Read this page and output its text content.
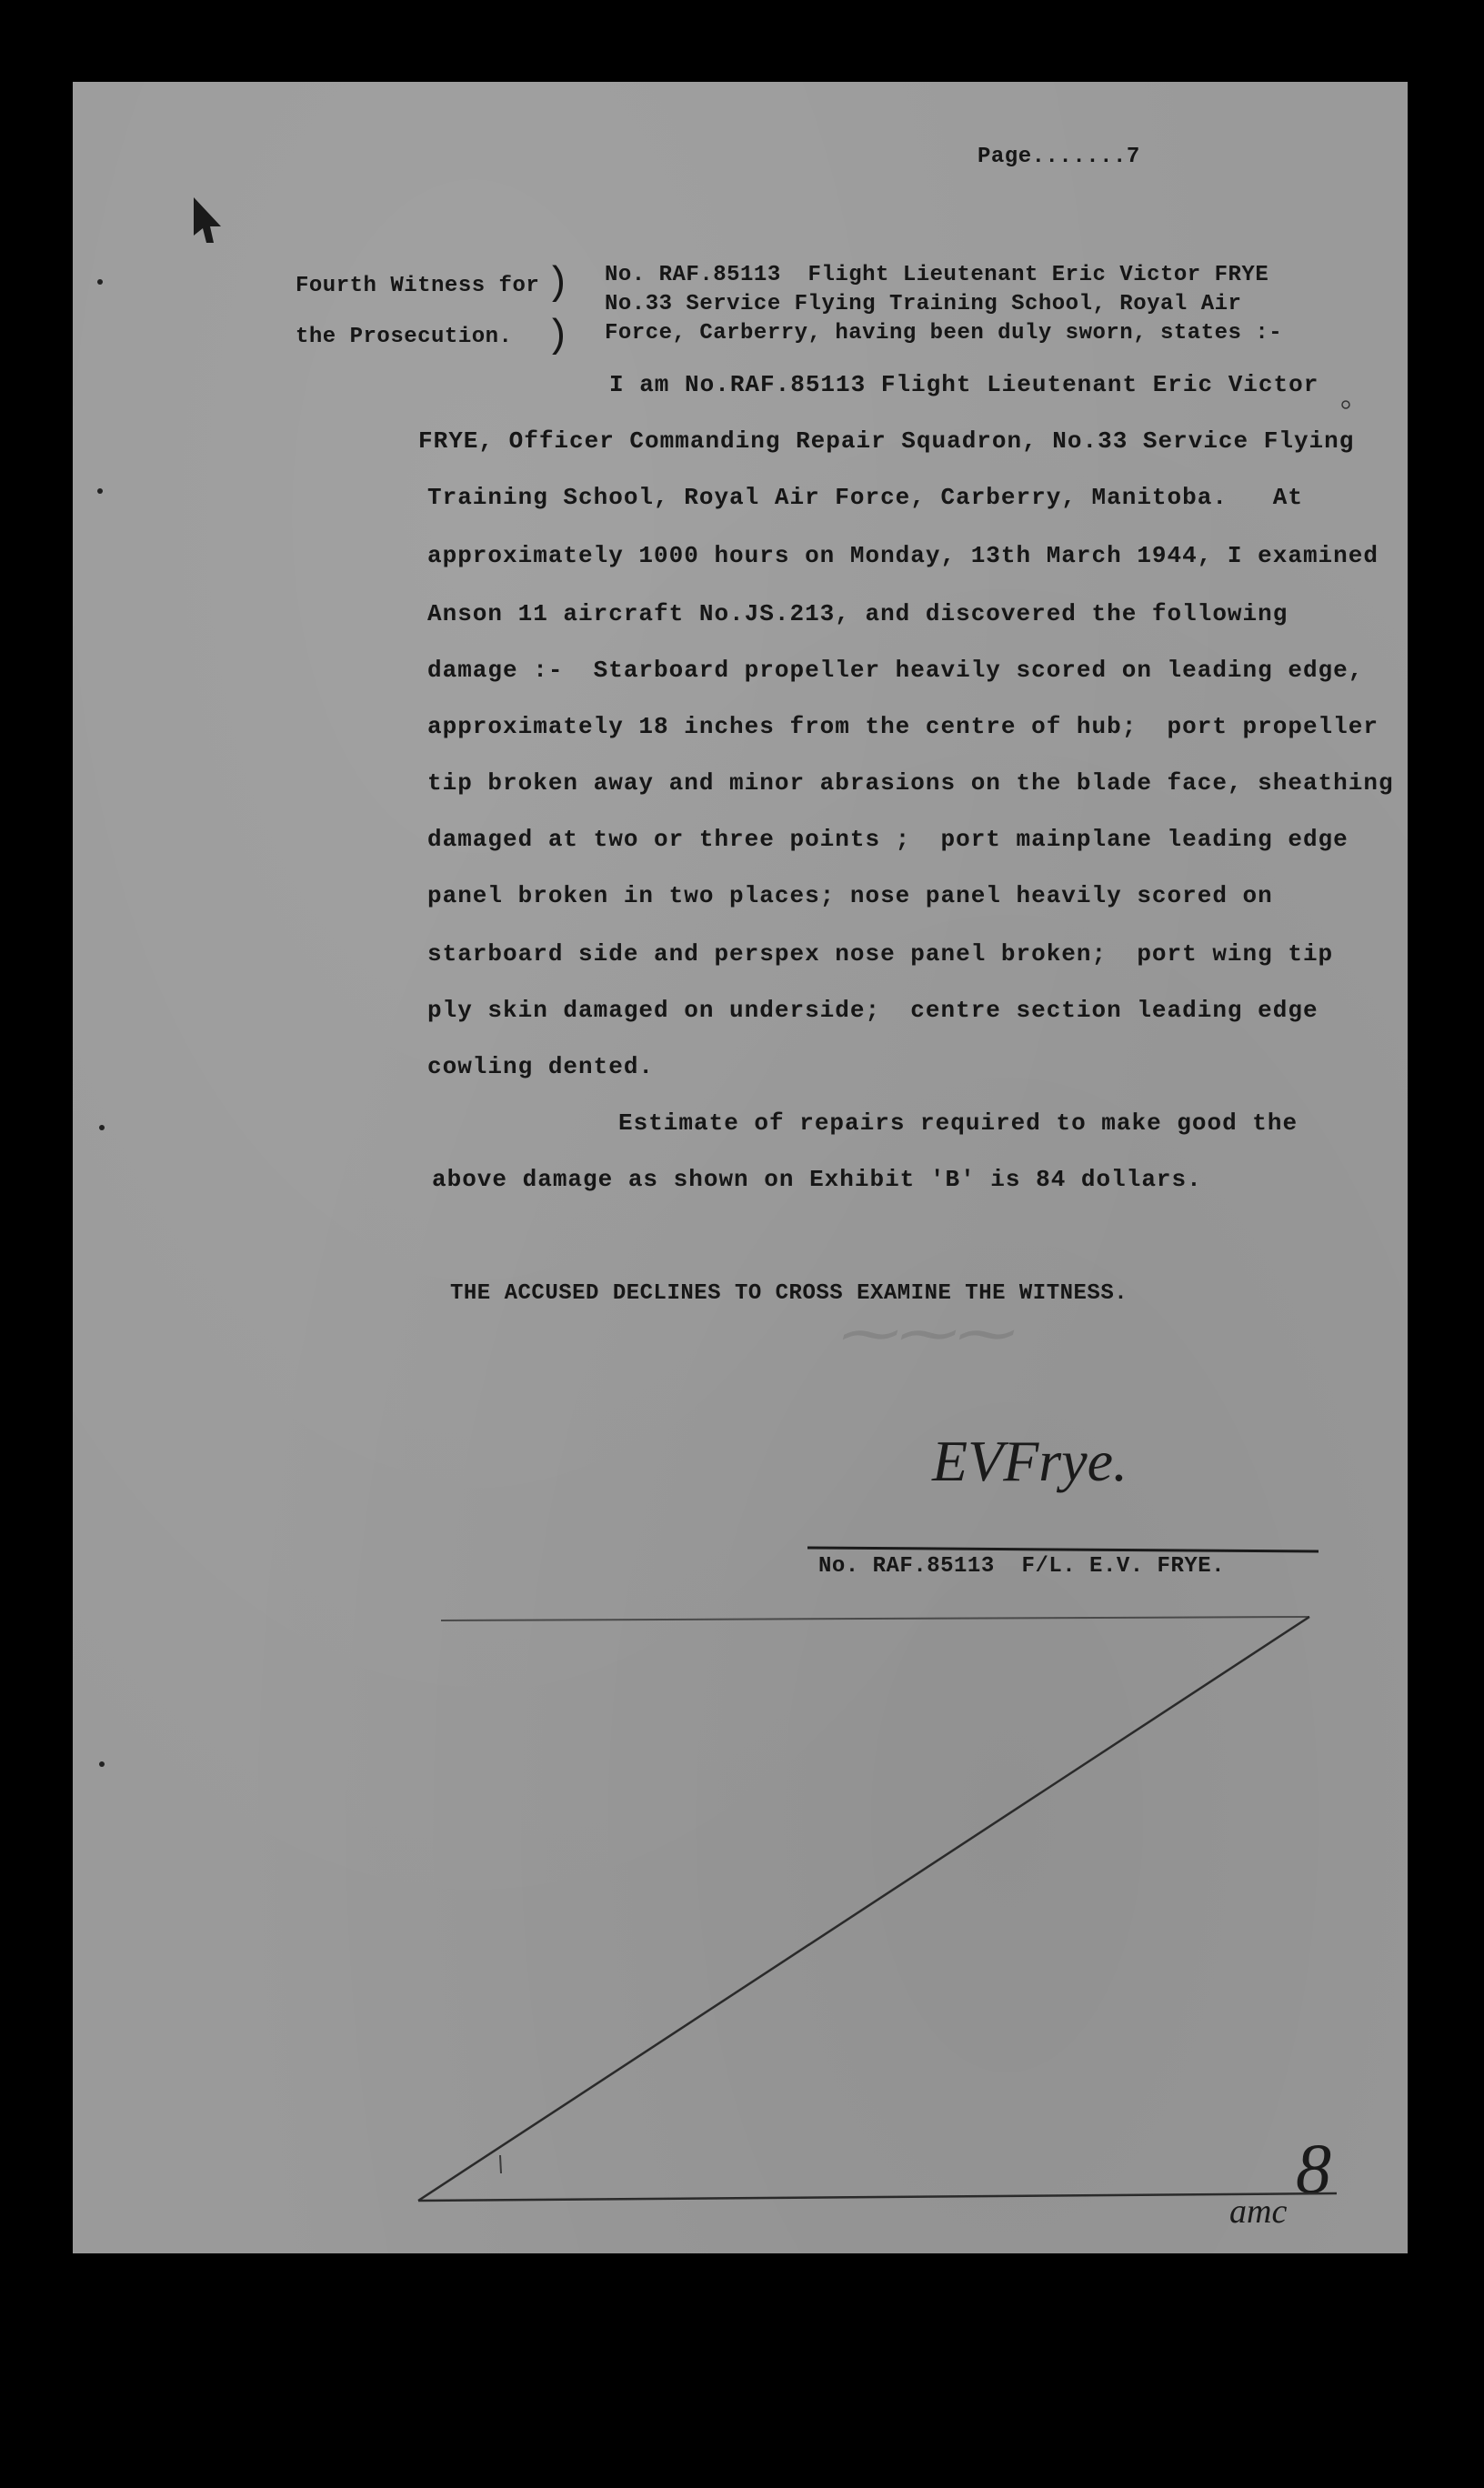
Page.......7
Fourth Witness for
the Prosecution.
)
)
No. RAF.85113  Flight Lieutenant Eric Victor FRYE
No.33 Service Flying Training School, Royal Air
Force, Carberry, having been duly sworn, states :-
I am No.RAF.85113 Flight Lieutenant Eric Victor
FRYE, Officer Commanding Repair Squadron, No.33 Service Flying
Training School, Royal Air Force, Carberry, Manitoba.   At
approximately 1000 hours on Monday, 13th March 1944, I examined
Anson 11 aircraft No.JS.213, and discovered the following
damage :-  Starboard propeller heavily scored on leading edge,
approximately 18 inches from the centre of hub;  port propeller
tip broken away and minor abrasions on the blade face, sheathing
damaged at two or three points ;  port mainplane leading edge
panel broken in two places; nose panel heavily scored on
starboard side and perspex nose panel broken;  port wing tip
ply skin damaged on underside;  centre section leading edge
cowling dented.
Estimate of repairs required to make good the
above damage as shown on Exhibit 'B' is 84 dollars.
THE ACCUSED DECLINES TO CROSS EXAMINE THE WITNESS.
⁓⁓⁓
EVFrye.
No. RAF.85113  F/L. E.V. FRYE.
8
amc
